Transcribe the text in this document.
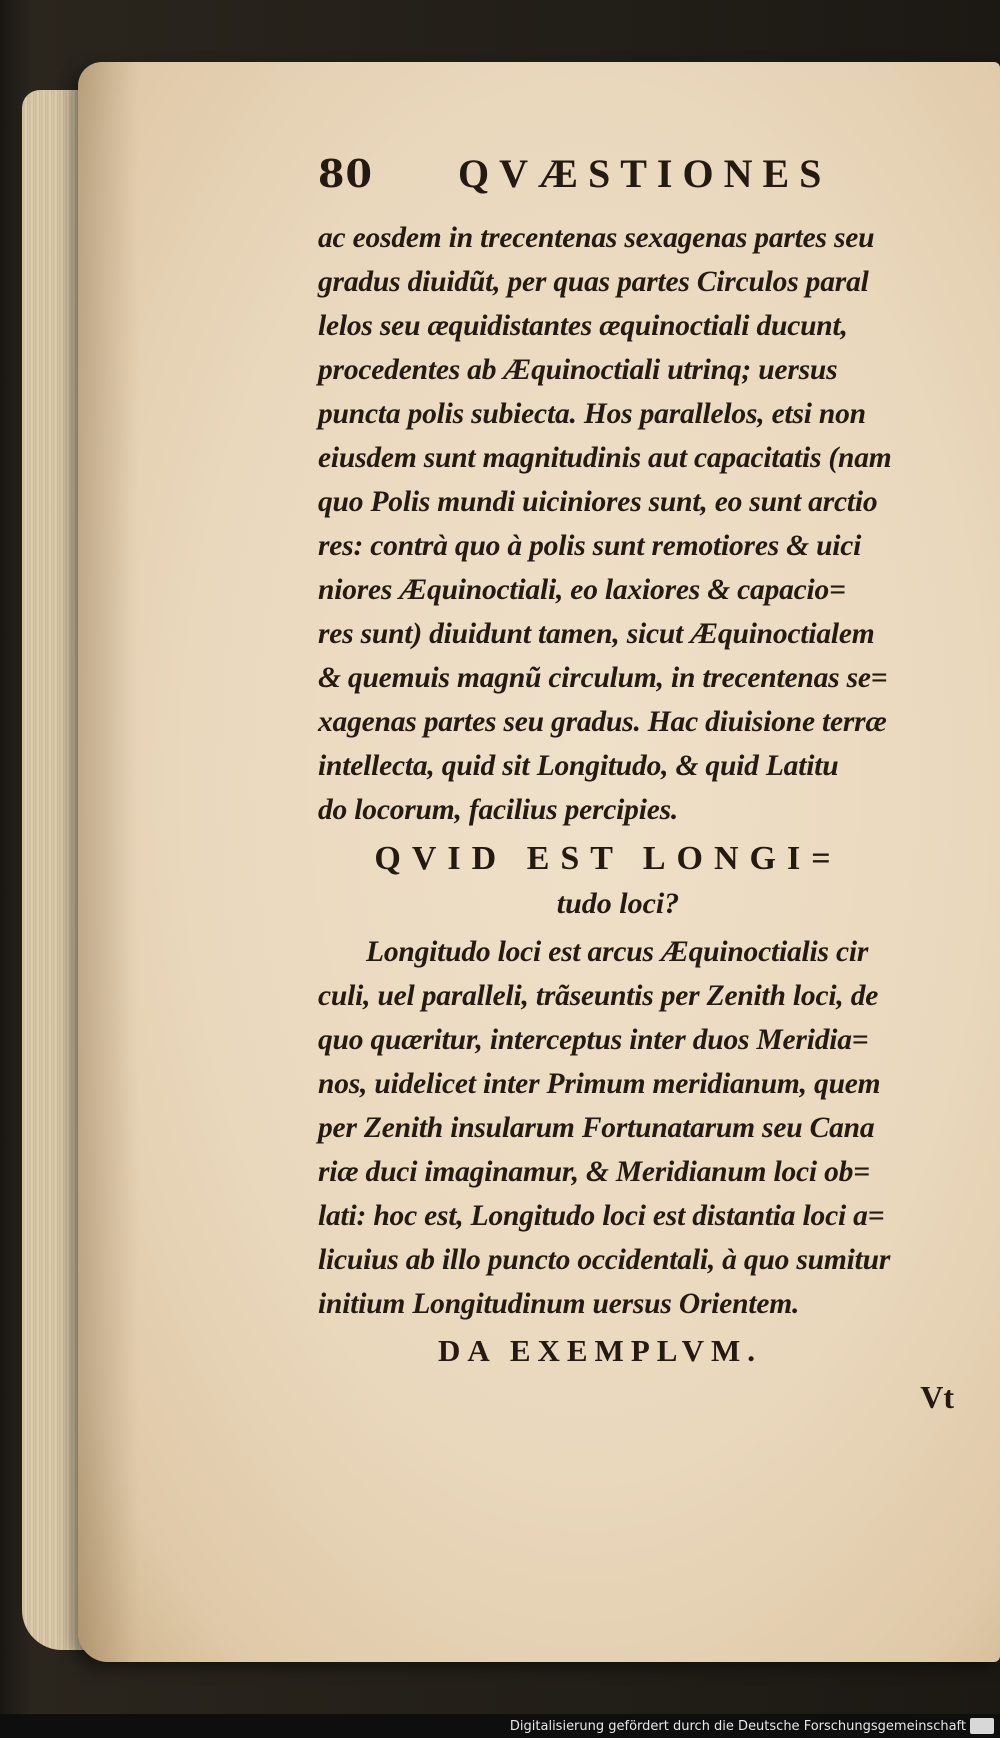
80	QVÆSTIONES
ac eosdem in trecentenas sexagenas partes seu
gradus diuidũt, per quas partes Circulos paral
lelos seu æquidistantes æquinoctiali ducunt,
procedentes ab Æquinoctiali utrinq; uersus
puncta polis subiecta. Hos parallelos, etsi non
eiusdem sunt magnitudinis aut capacitatis (nam
quo Polis mundi uiciniores sunt, eo sunt arctio
res: contrà quo à polis sunt remotiores & uici
niores Æquinoctiali, eo laxiores & capacio=
res sunt) diuidunt tamen, sicut Æquinoctialem
& quemuis magnũ circulum, in trecentenas se=
xagenas partes seu gradus. Hac diuisione terræ
intellecta, quid sit Longitudo, & quid Latitu
do locorum, facilius percipies.
QVID EST LONGI=
tudo loci?
Longitudo loci est arcus Æquinoctialis cir
culi, uel paralleli, trãseuntis per Zenith loci, de
quo quæritur, interceptus inter duos Meridia=
nos, uidelicet inter Primum meridianum, quem
per Zenith insularum Fortunatarum seu Cana
riæ duci imaginamur, & Meridianum loci ob=
lati: hoc est, Longitudo loci est distantia loci a=
licuius ab illo puncto occidentali, à quo sumitur
initium Longitudinum uersus Orientem.
DA EXEMPLVM.
Vt
Digitalisierung gefördert durch die Deutsche Forschungsgemeinschaft
